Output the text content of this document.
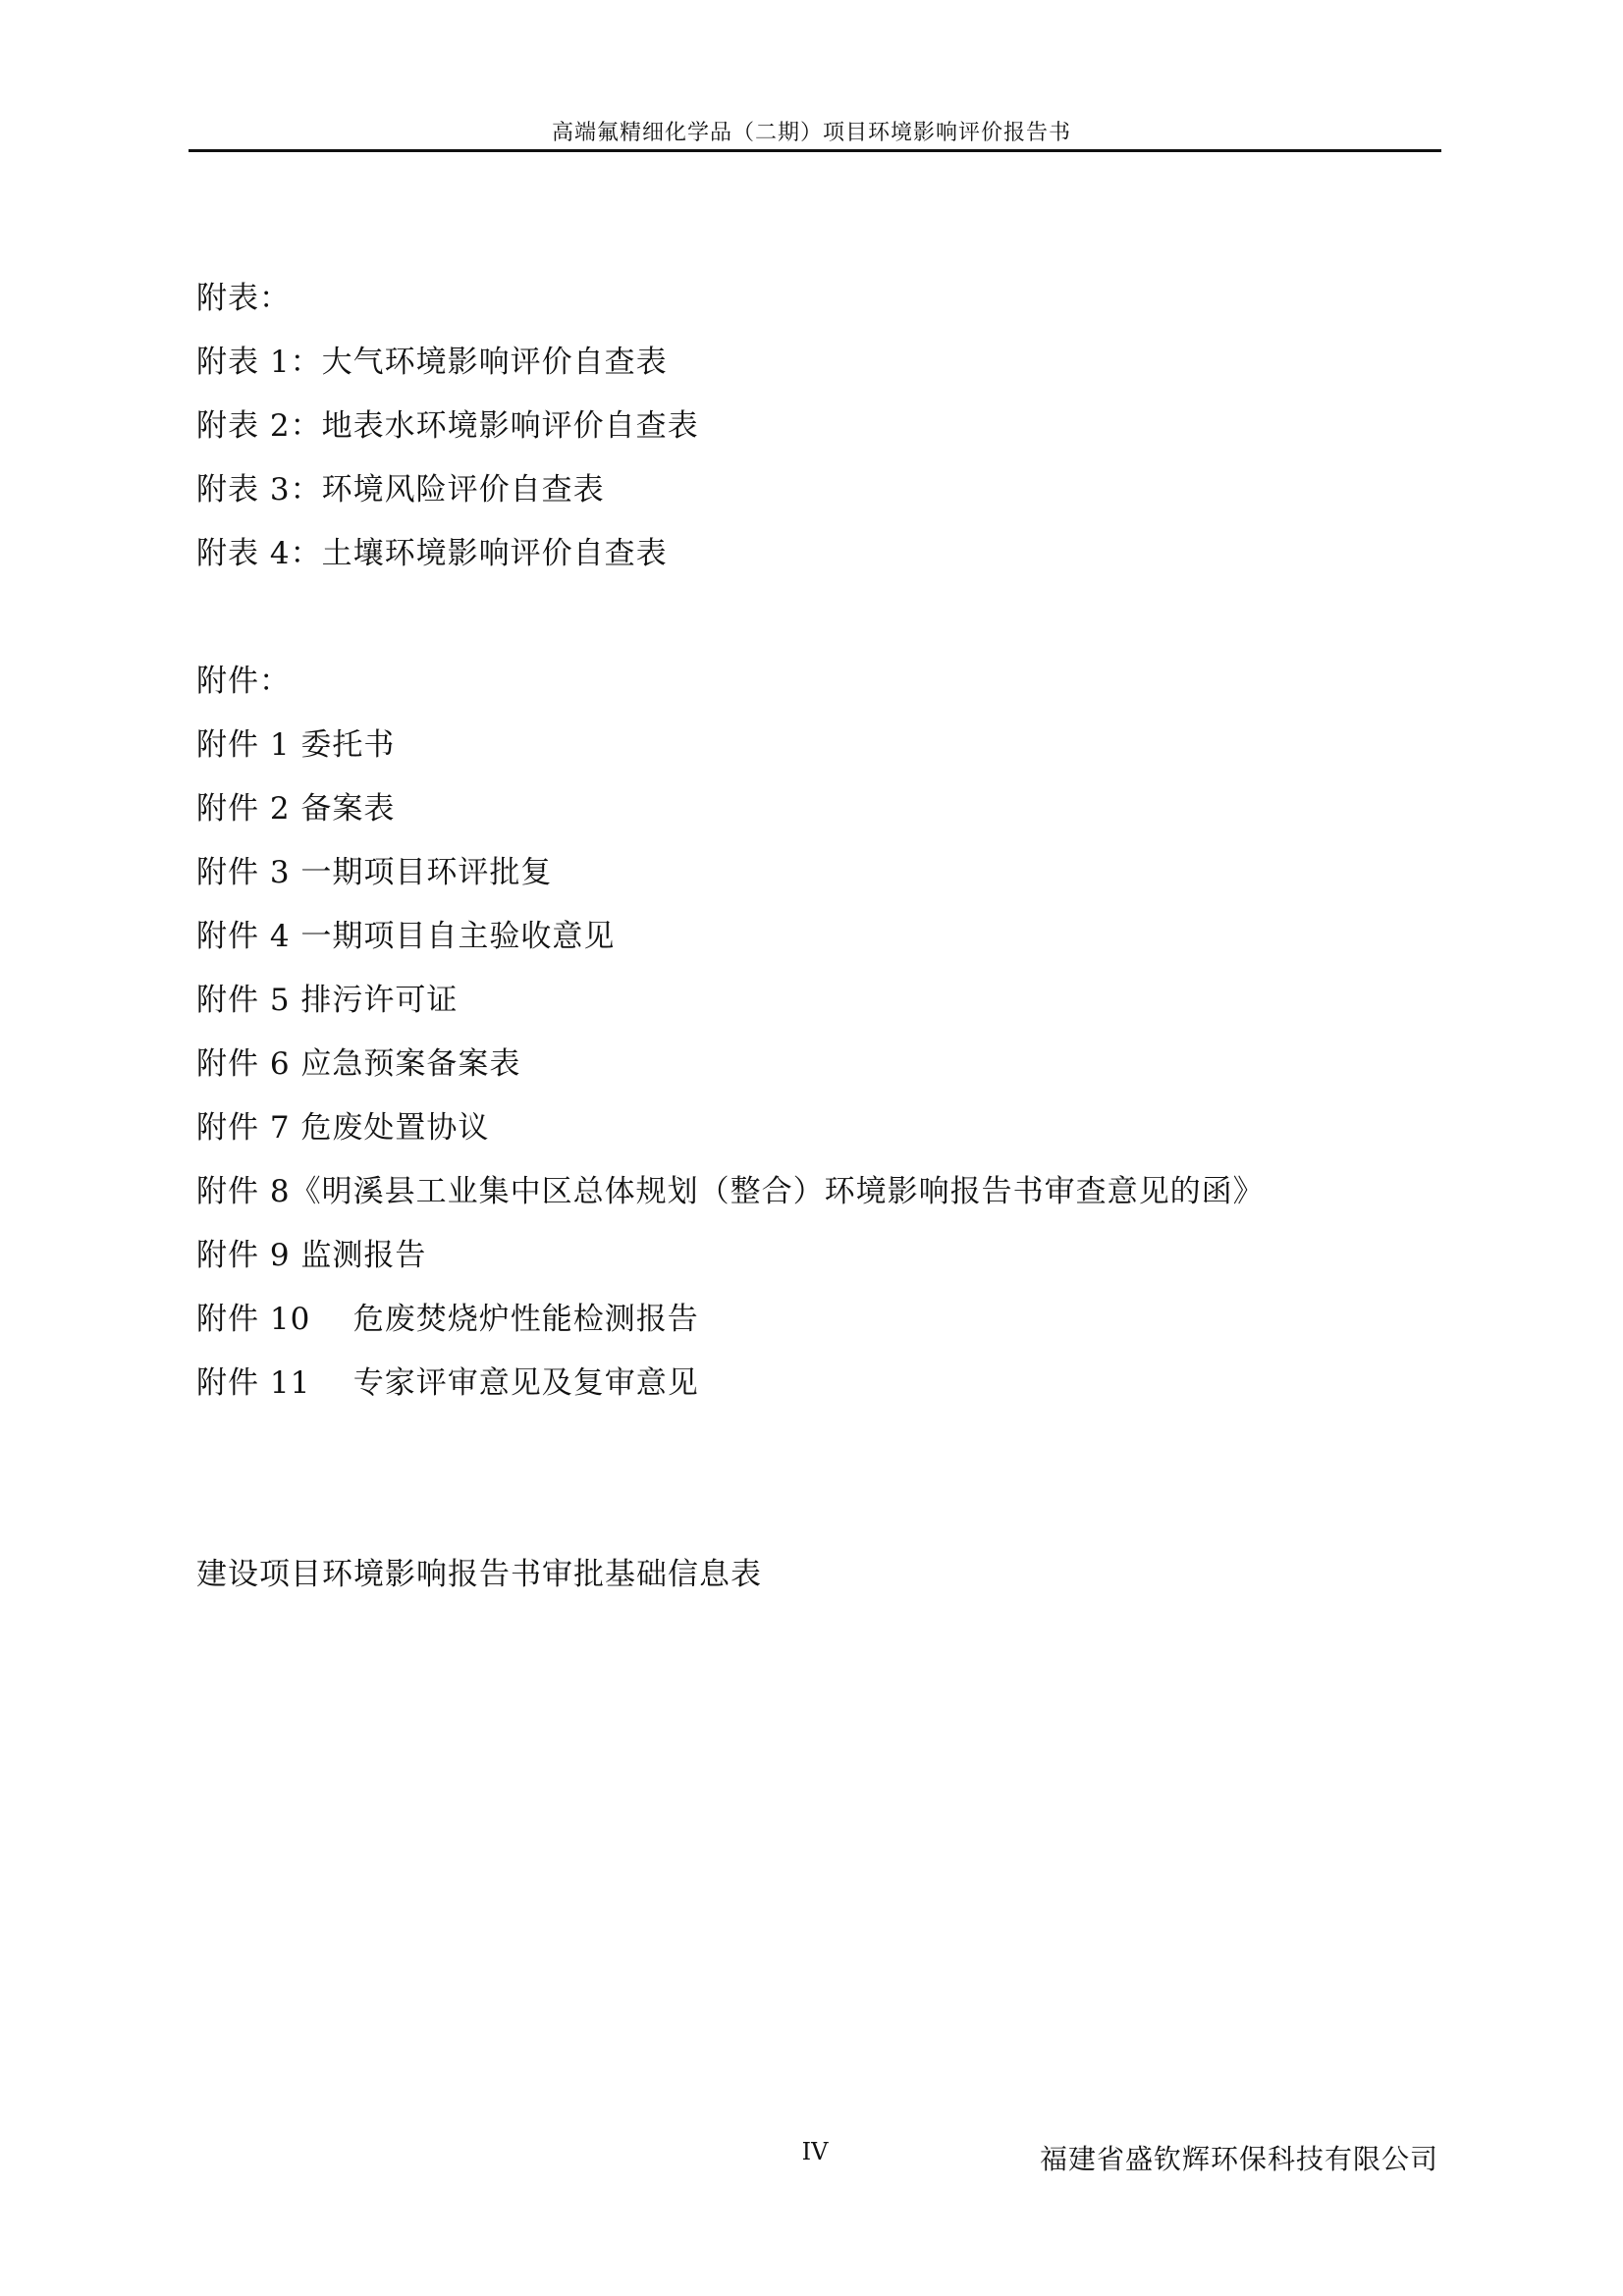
高端氟精细化学品（二期）项目环境影响评价报告书
附表：
附表 1：大气环境影响评价自查表
附表 2：地表水环境影响评价自查表
附表 3：环境风险评价自查表
附表 4：土壤环境影响评价自查表
附件：
附件 1 委托书
附件 2 备案表
附件 3 一期项目环评批复
附件 4 一期项目自主验收意见
附件 5 排污许可证
附件 6 应急预案备案表
附件 7 危废处置协议
附件 8《明溪县工业集中区总体规划（整合）环境影响报告书审查意见的函》
附件 9 监测报告
附件 10    危废焚烧炉性能检测报告
附件 11    专家评审意见及复审意见
建设项目环境影响报告书审批基础信息表
IV	福建省盛钦辉环保科技有限公司
